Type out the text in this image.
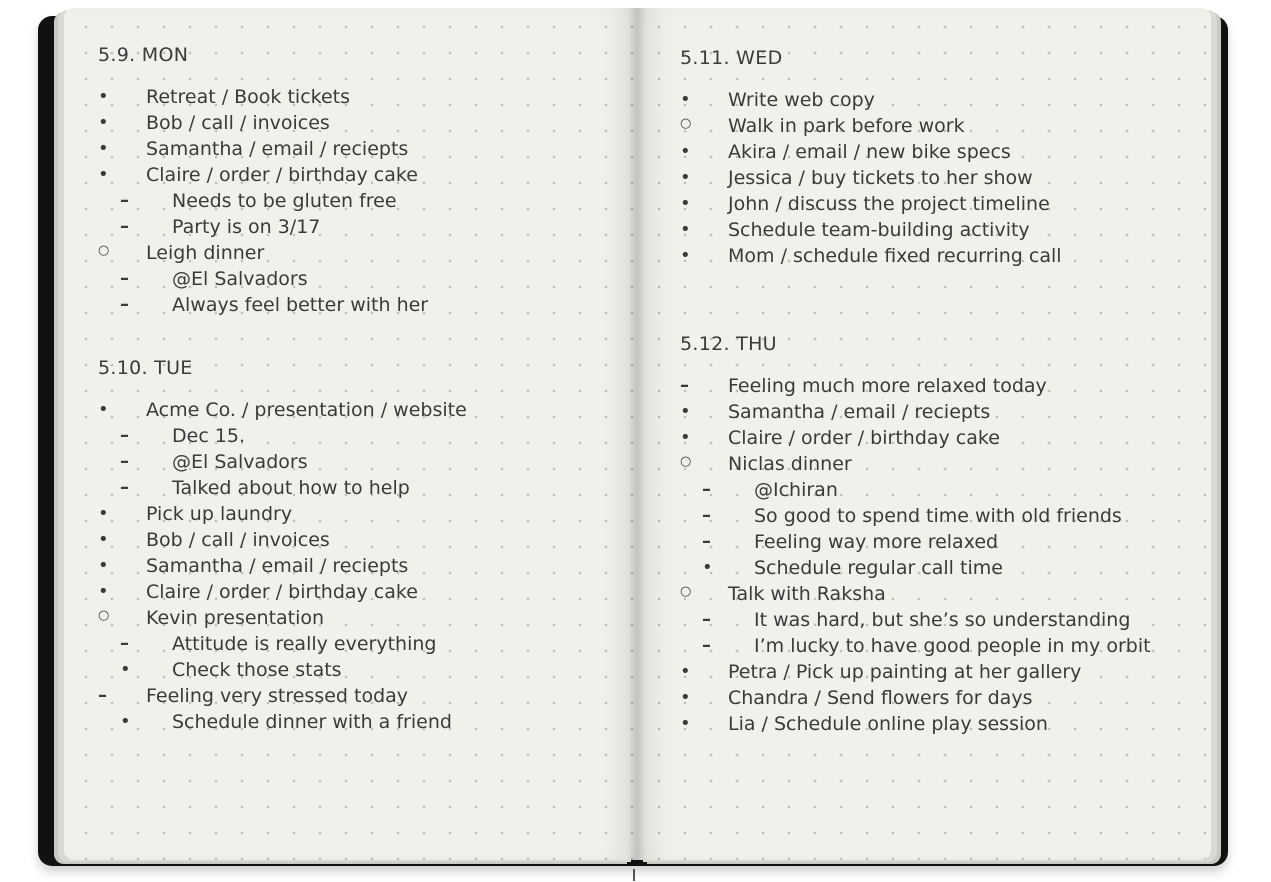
5.9. MON
• Retreat / Book tickets
• Bob / call / invoices
• Samantha / email / reciepts
• Claire / order / birthday cake
– Needs to be gluten free
– Party is on 3/17
○ Leigh dinner
– @El Salvadors
– Always feel better with her
5.10. TUE
• Acme Co. / presentation / website
– Dec 15.
– @El Salvadors
– Talked about how to help
• Pick up laundry
• Bob / call / invoices
• Samantha / email / reciepts
• Claire / order / birthday cake
○ Kevin presentation
– Attitude is really everything
• Check those stats
– Feeling very stressed today
• Schedule dinner with a friend
5.11. WED
• Write web copy
○ Walk in park before work
• Akira / email / new bike specs
• Jessica / buy tickets to her show
• John / discuss the project timeline
• Schedule team-building activity
• Mom / schedule fixed recurring call
5.12. THU
– Feeling much more relaxed today
• Samantha / email / reciepts
• Claire / order / birthday cake
○ Niclas dinner
– @Ichiran
– So good to spend time with old friends
– Feeling way more relaxed
• Schedule regular call time
○ Talk with Raksha
– It was hard, but she’s so understanding
– I’m lucky to have good people in my orbit
• Petra / Pick up painting at her gallery
• Chandra / Send flowers for days
• Lia / Schedule online play session
